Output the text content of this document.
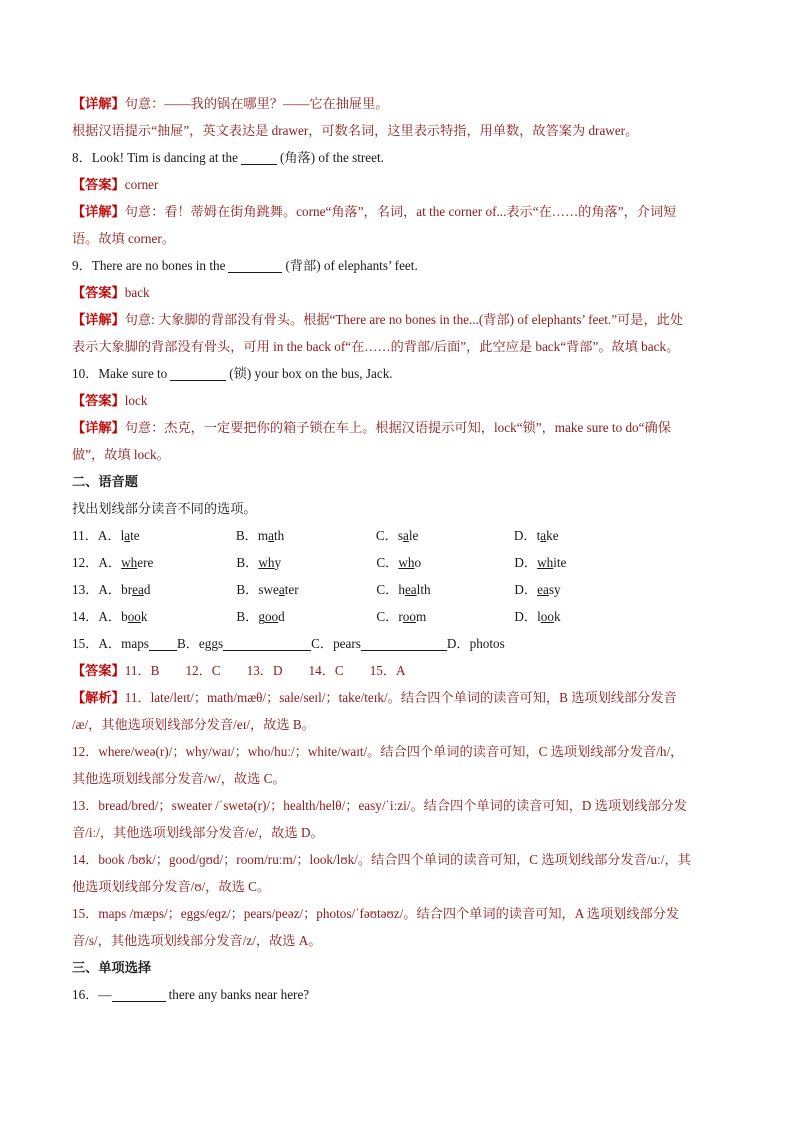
【详解】句意：——我的锅在哪里？——它在抽屉里。
根据汉语提示“抽屉”，英文表达是 drawer，可数名词，这里表示特指，用单数，故答案为 drawer。
8．Look! Tim is dancing at the	(角落) of the street.
【答案】corner
【详解】句意：看！蒂姆在街角跳舞。corne“角落”，名词，at the corner of...表示“在……的角落”，介词短
语。故填 corner。
9．There are no bones in the	(背部) of elephants’ feet.
【答案】back
【详解】句意: 大象脚的背部没有骨头。根据“There are no bones in the...(背部) of elephants’ feet.”可是，此处
表示大象脚的背部没有骨头，可用 in the back of“在……的背部/后面”，此空应是 back“背部”。故填 back。
10．Make sure to	(锁) your box on the bus, Jack.
【答案】lock
【详解】句意：杰克，一定要把你的箱子锁在车上。根据汉语提示可知，lock“锁”，make sure to do“确保
做”，故填 lock。
二、语音题
找出划线部分读音不同的选项。
11．A．late	B．math	C．sale	D．take
12．A．where	B．why	C．who	D．white
13．A．bread	B．sweater	C．health	D．easy
14．A．book	B．good	C．room	D．look
15．A．maps B．eggs	C．pears	D．photos
【答案】11．B 12．C 13．D 14．C 15．A
【解析】11．late/leɪt/；math/mæθ/；sale/seɪl/；take/teɪk/。结合四个单词的读音可知，B 选项划线部分发音
/æ/，其他选项划线部分发音/eɪ/，故选 B。
12．where/weə(r)/；why/waɪ/；who/huː/；white/waɪt/。结合四个单词的读音可知，C 选项划线部分发音/h/，
其他选项划线部分发音/w/，故选 C。
13．bread/bred/；sweater /ˈswetə(r)/；health/helθ/；easy/ˈiːzi/。结合四个单词的读音可知，D 选项划线部分发
音/iː/，其他选项划线部分发音/e/，故选 D。
14．book /bʊk/；good/ɡʊd/；room/ruːm/；look/lʊk/。结合四个单词的读音可知，C 选项划线部分发音/uː/，其
他选项划线部分发音/ʊ/，故选 C。
15．maps /mæps/；eggs/eɡz/；pears/peəz/；photos/ˈfəʊtəʊz/。结合四个单词的读音可知，A 选项划线部分发
音/s/，其他选项划线部分发音/z/，故选 A。
三、单项选择
16．—	there any banks near here?
